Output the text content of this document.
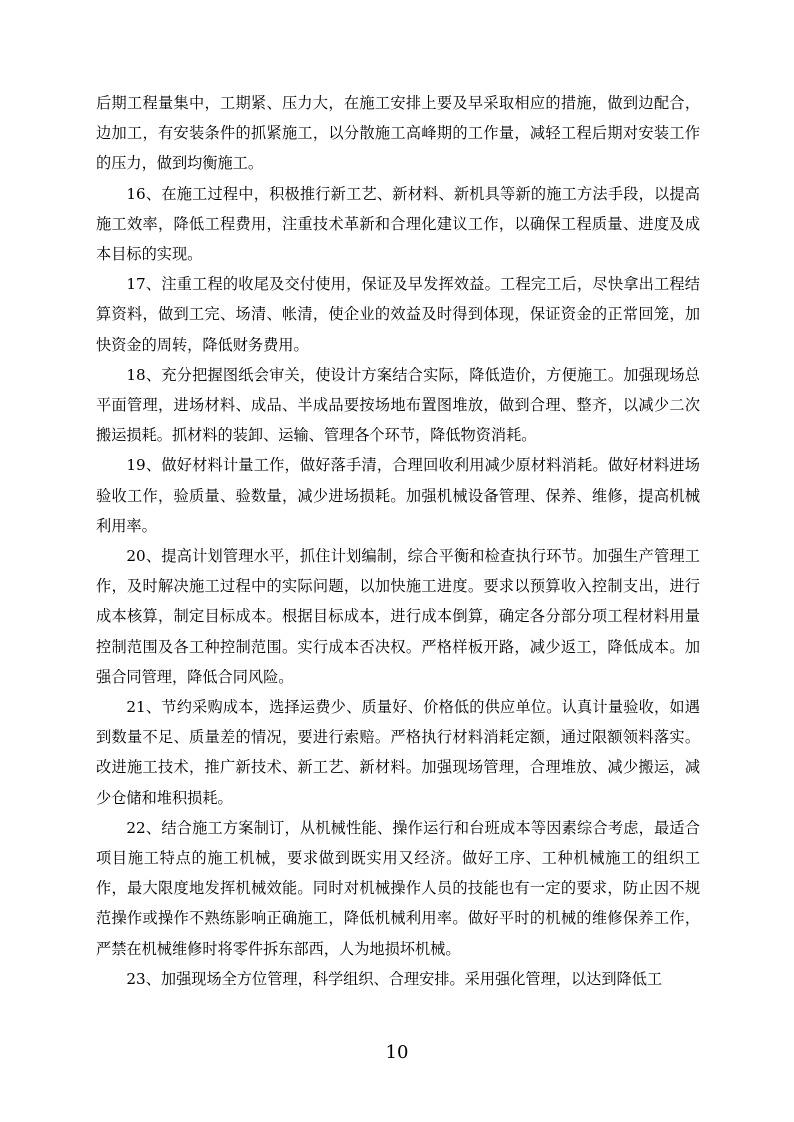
后期工程量集中，工期紧、压力大，在施工安排上要及早采取相应的措施，做到边配合，边加工，有安装条件的抓紧施工，以分散施工高峰期的工作量，减轻工程后期对安装工作的压力，做到均衡施工。

16、在施工过程中，积极推行新工艺、新材料、新机具等新的施工方法手段，以提高施工效率，降低工程费用，注重技术革新和合理化建议工作，以确保工程质量、进度及成本目标的实现。

17、注重工程的收尾及交付使用，保证及早发挥效益。工程完工后，尽快拿出工程结算资料，做到工完、场清、帐清，使企业的效益及时得到体现，保证资金的正常回笼，加快资金的周转，降低财务费用。

18、充分把握图纸会审关，使设计方案结合实际，降低造价，方便施工。加强现场总平面管理，进场材料、成品、半成品要按场地布置图堆放，做到合理、整齐，以减少二次搬运损耗。抓材料的装卸、运输、管理各个环节，降低物资消耗。

19、做好材料计量工作，做好落手清，合理回收利用减少原材料消耗。做好材料进场验收工作，验质量、验数量，减少进场损耗。加强机械设备管理、保养、维修，提高机械利用率。

20、提高计划管理水平，抓住计划编制，综合平衡和检查执行环节。加强生产管理工作，及时解决施工过程中的实际问题，以加快施工进度。要求以预算收入控制支出，进行成本核算，制定目标成本。根据目标成本，进行成本倒算，确定各分部分项工程材料用量控制范围及各工种控制范围。实行成本否决权。严格样板开路，减少返工，降低成本。加强合同管理，降低合同风险。

21、节约采购成本，选择运费少、质量好、价格低的供应单位。认真计量验收，如遇到数量不足、质量差的情况，要进行索赔。严格执行材料消耗定额，通过限额领料落实。改进施工技术，推广新技术、新工艺、新材料。加强现场管理，合理堆放、减少搬运，减少仓储和堆积损耗。

22、结合施工方案制订，从机械性能、操作运行和台班成本等因素综合考虑，最适合项目施工特点的施工机械，要求做到既实用又经济。做好工序、工种机械施工的组织工作，最大限度地发挥机械效能。同时对机械操作人员的技能也有一定的要求，防止因不规范操作或操作不熟练影响正确施工，降低机械利用率。做好平时的机械的维修保养工作，严禁在机械维修时将零件拆东部西，人为地损坏机械。

23、加强现场全方位管理，科学组织、合理安排。采用强化管理，以达到降低工

10
